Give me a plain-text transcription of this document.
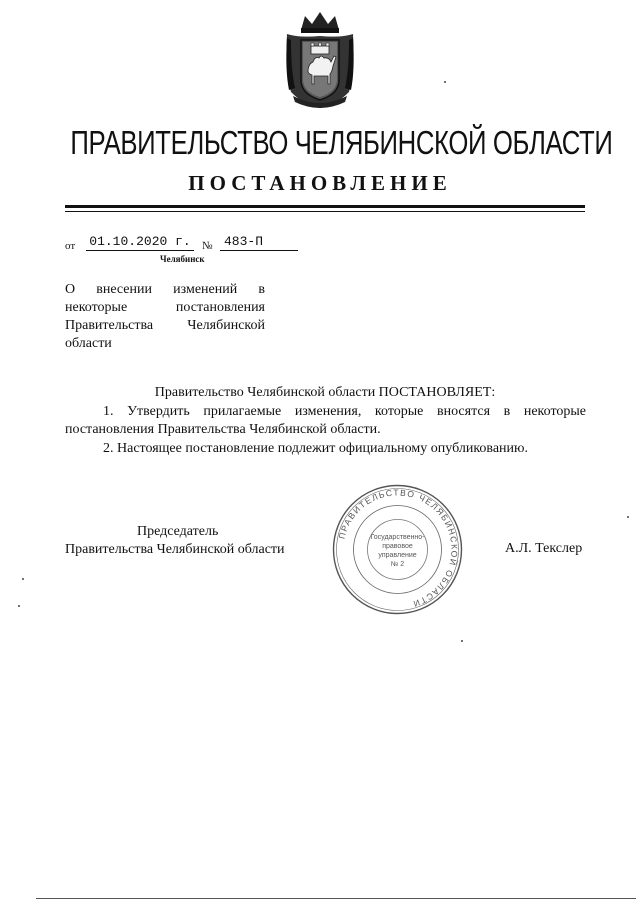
ПРАВИТЕЛЬСТВО ЧЕЛЯБИНСКОЙ ОБЛАСТИ
ПОСТАНОВЛЕНИЕ
от 01.10.2020 г. № 483-П
Челябинск
О внесении изменений в некоторые постановления Правительства Челябинской области
Правительство Челябинской области ПОСТАНОВЛЯЕТ:

1. Утвердить прилагаемые изменения, которые вносятся в некоторые постановления Правительства Челябинской области.

2. Настоящее постановление подлежит официальному опубликованию.

Председатель
Правительства Челябинской области	А.Л. Текслер
ПРАВИТЕЛЬСТВО ЧЕЛЯБИНСКОЙ ОБЛАСТИ
Государственно-
правовое
управление
№ 2
